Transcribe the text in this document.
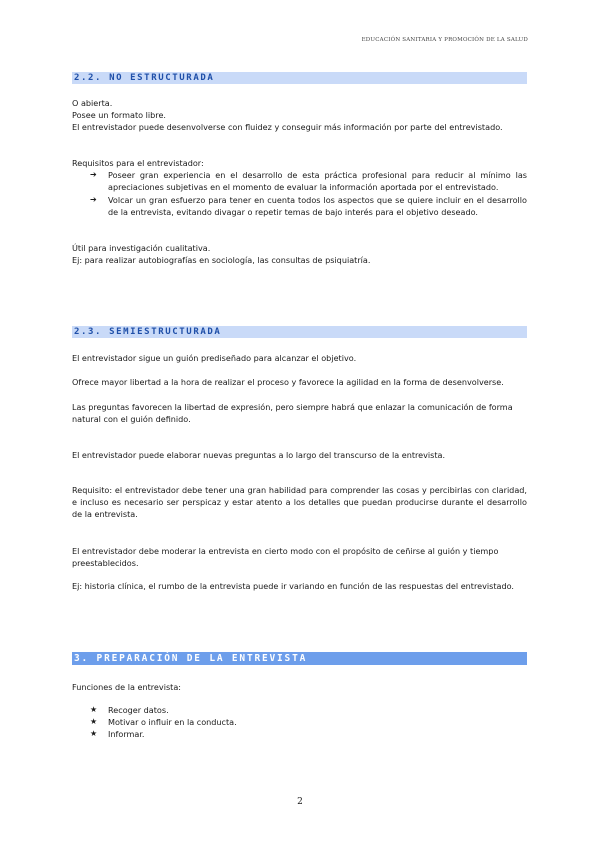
EDUCACIÓN SANITARIA Y PROMOCIÓN DE LA SALUD
2.2. NO ESTRUCTURADA

O abierta.

Posee un formato libre.

El entrevistador puede desenvolverse con fluidez y conseguir más información por parte del entrevistado.

Requisitos para el entrevistador:

➔	Poseer gran experiencia en el desarrollo de esta práctica profesional para reducir al mínimo las apreciaciones subjetivas en el momento de evaluar la información aportada por el entrevistado.
➔	Volcar un gran esfuerzo para tener en cuenta todos los aspectos que se quiere incluir en el desarrollo de la entrevista, evitando divagar o repetir temas de bajo interés para el objetivo deseado.

Útil para investigación cualitativa.

Ej: para realizar autobiografías en sociología, las consultas de psiquiatría.

2.3. SEMIESTRUCTURADA

El entrevistador sigue un guión prediseñado para alcanzar el objetivo.

Ofrece mayor libertad a la hora de realizar el proceso y favorece la agilidad en la forma de desenvolverse.

Las preguntas favorecen la libertad de expresión, pero siempre habrá que enlazar la comunicación de forma natural con el guión definido.

El entrevistador puede elaborar nuevas preguntas a lo largo del transcurso de la entrevista.

Requisito: el entrevistador debe tener una gran habilidad para comprender las cosas y percibirlas con claridad, e incluso es necesario ser perspicaz y estar atento a los detalles que puedan producirse durante el desarrollo de la entrevista.

El entrevistador debe moderar la entrevista en cierto modo con el propósito de ceñirse al guión y tiempo preestablecidos.

Ej: historia clínica, el rumbo de la entrevista puede ir variando en función de las respuestas del entrevistado.

3. PREPARACIÓN DE LA ENTREVISTA

Funciones de la entrevista:

★	Recoger datos.
★	Motivar o influir en la conducta.
★	Informar.
2
